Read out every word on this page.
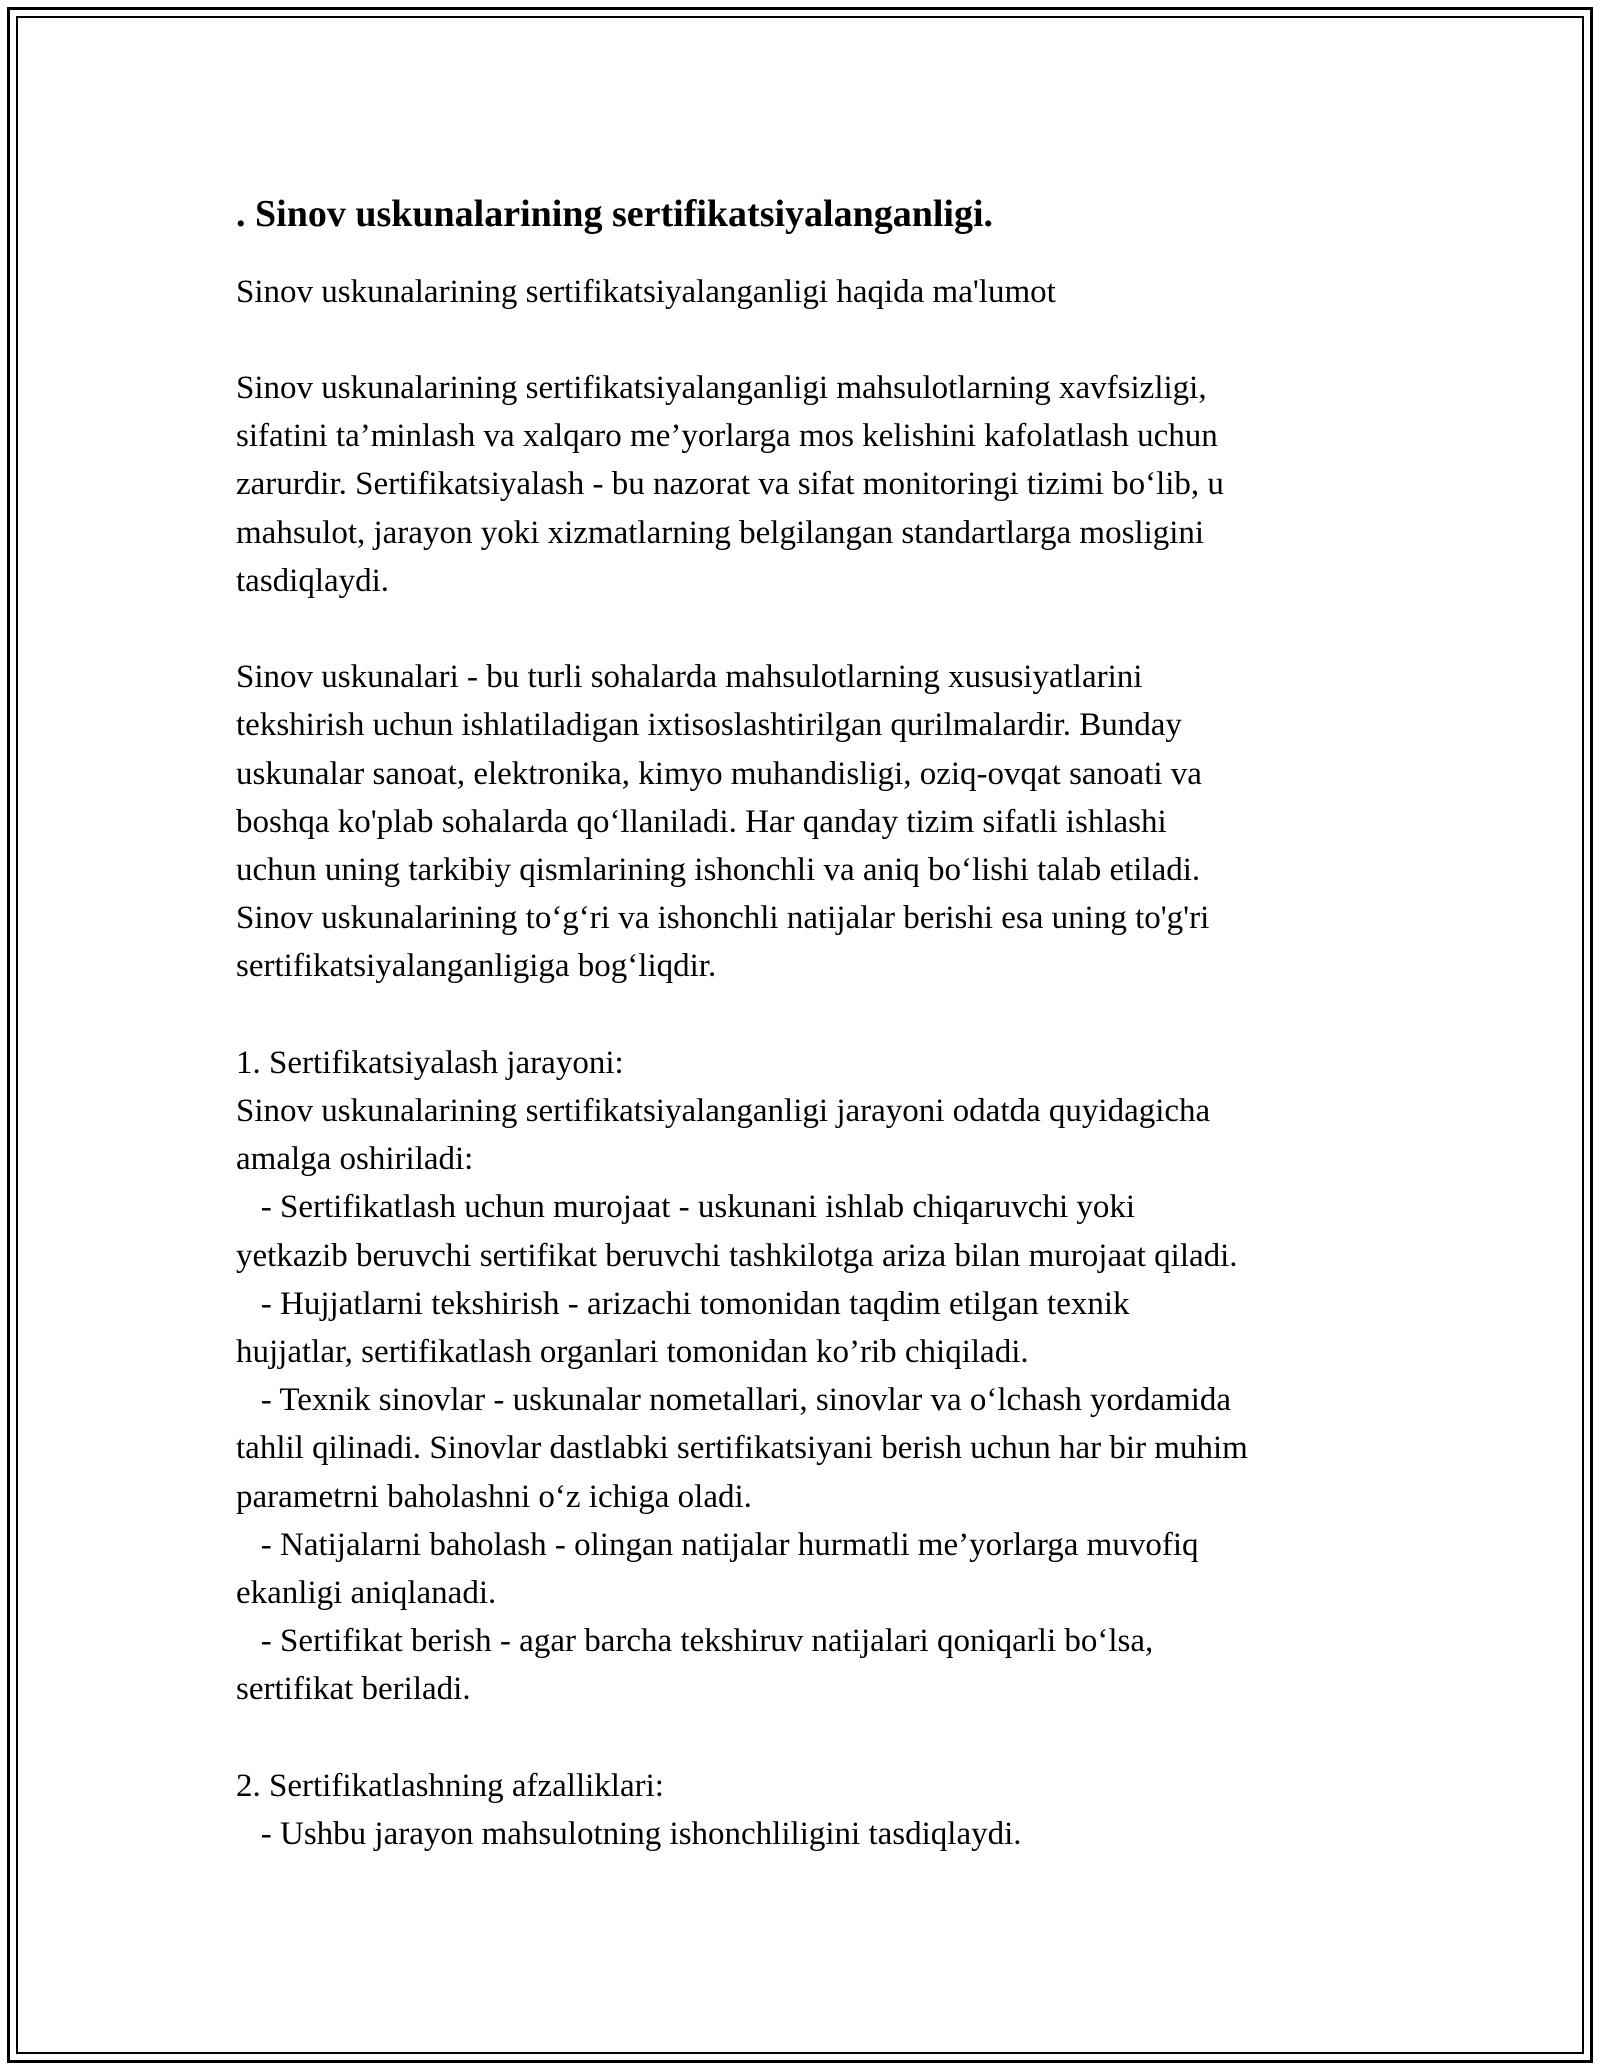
. Sinov uskunalarining sertifikatsiyalanganligi.
Sinov uskunalarining sertifikatsiyalanganligi haqida ma'lumot
Sinov uskunalarining sertifikatsiyalanganligi mahsulotlarning xavfsizligi,
sifatini ta’minlash va xalqaro me’yorlarga mos kelishini kafolatlash uchun
zarurdir. Sertifikatsiyalash - bu nazorat va sifat monitoringi tizimi bo‘lib, u
mahsulot, jarayon yoki xizmatlarning belgilangan standartlarga mosligini
tasdiqlaydi.
Sinov uskunalari - bu turli sohalarda mahsulotlarning xususiyatlarini
tekshirish uchun ishlatiladigan ixtisoslashtirilgan qurilmalardir. Bunday
uskunalar sanoat, elektronika, kimyo muhandisligi, oziq-ovqat sanoati va
boshqa ko'plab sohalarda qo‘llaniladi. Har qanday tizim sifatli ishlashi
uchun uning tarkibiy qismlarining ishonchli va aniq bo‘lishi talab etiladi.
Sinov uskunalarining to‘g‘ri va ishonchli natijalar berishi esa uning to'g'ri
sertifikatsiyalanganligiga bog‘liqdir.
1. Sertifikatsiyalash jarayoni:
Sinov uskunalarining sertifikatsiyalanganligi jarayoni odatda quyidagicha
amalga oshiriladi:
- Sertifikatlash uchun murojaat - uskunani ishlab chiqaruvchi yoki
yetkazib beruvchi sertifikat beruvchi tashkilotga ariza bilan murojaat qiladi.
- Hujjatlarni tekshirish - arizachi tomonidan taqdim etilgan texnik
hujjatlar, sertifikatlash organlari tomonidan ko’rib chiqiladi.
- Texnik sinovlar - uskunalar nometallari, sinovlar va o‘lchash yordamida
tahlil qilinadi. Sinovlar dastlabki sertifikatsiyani berish uchun har bir muhim
parametrni baholashni o‘z ichiga oladi.
- Natijalarni baholash - olingan natijalar hurmatli me’yorlarga muvofiq
ekanligi aniqlanadi.
- Sertifikat berish - agar barcha tekshiruv natijalari qoniqarli bo‘lsa,
sertifikat beriladi.
2. Sertifikatlashning afzalliklari:
- Ushbu jarayon mahsulotning ishonchliligini tasdiqlaydi.
